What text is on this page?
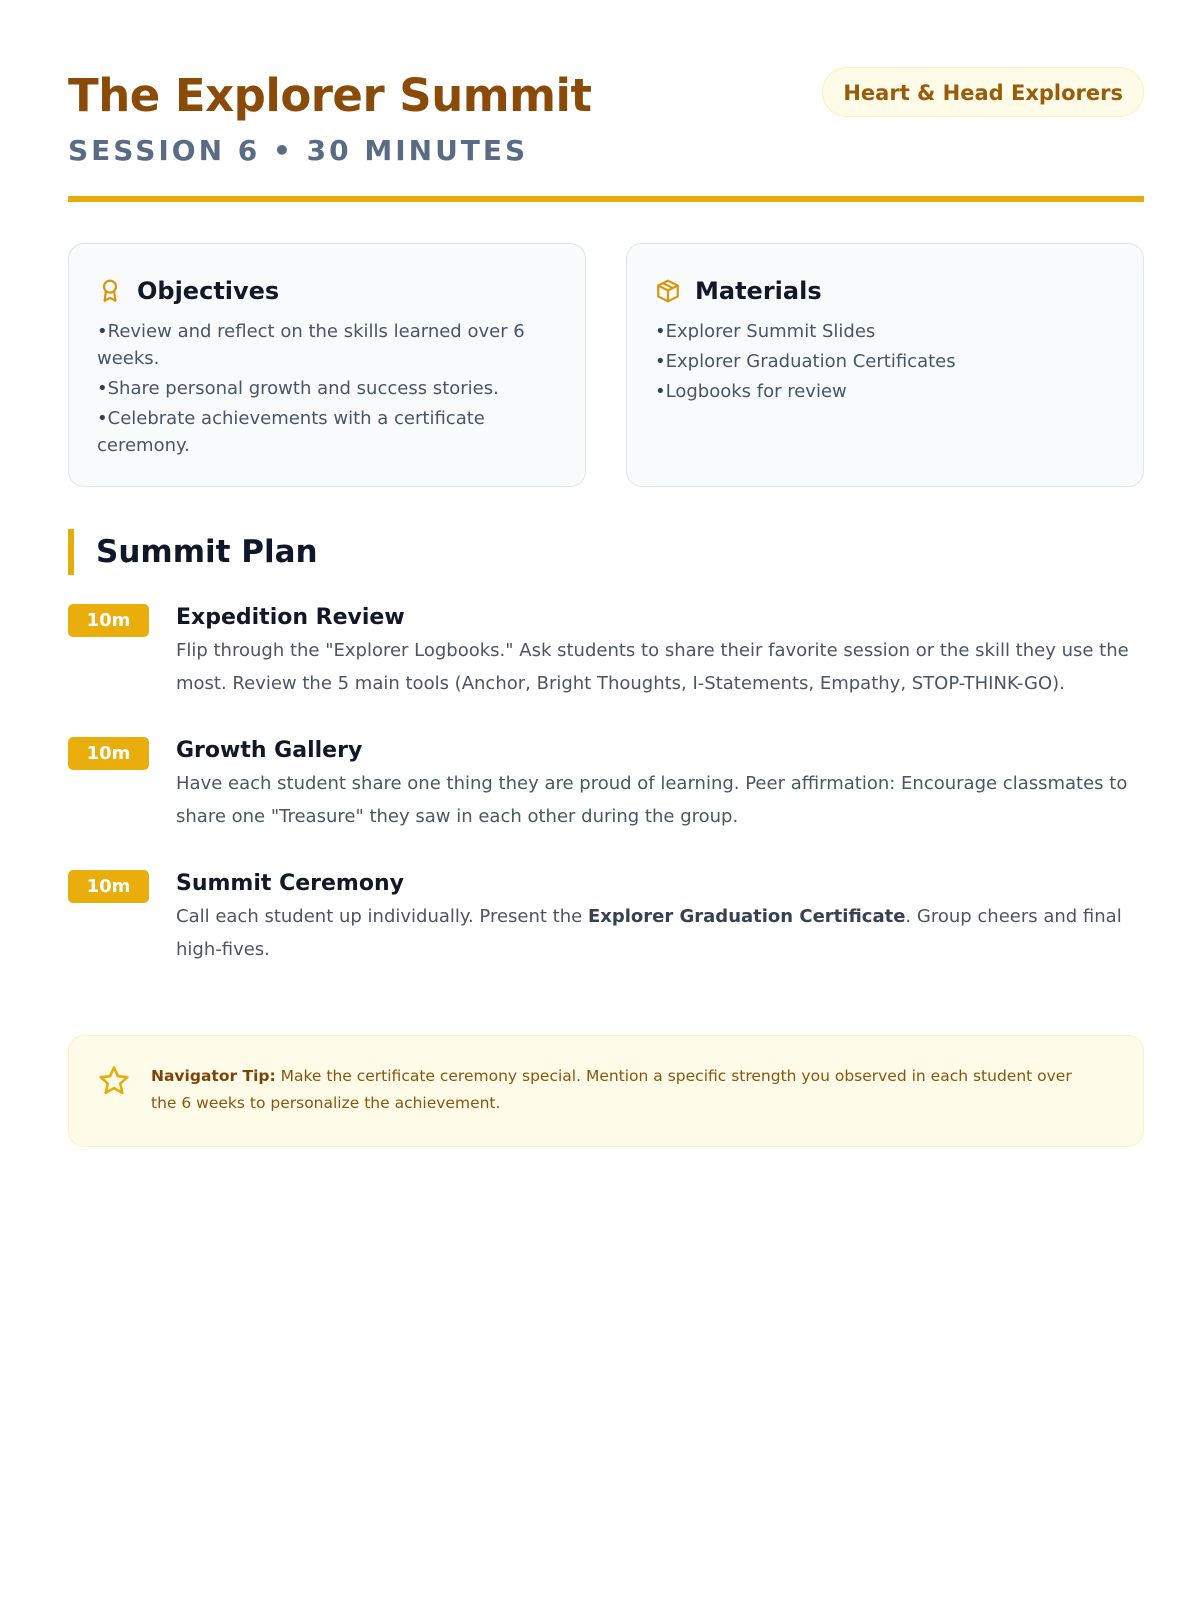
The Explorer Summit
SESSION 6 • 30 MINUTES
Heart & Head Explorers
Objectives
• Review and reflect on the skills learned over 6 weeks.
• Share personal growth and success stories.
• Celebrate achievements with a certificate ceremony.
Materials
• Explorer Summit Slides
• Explorer Graduation Certificates
• Logbooks for review
Summit Plan
10m	Expedition Review
Flip through the "Explorer Logbooks." Ask students to share their favorite session or the skill they use the most. Review the 5 main tools (Anchor, Bright Thoughts, I-Statements, Empathy, STOP-THINK-GO).
10m	Growth Gallery
Have each student share one thing they are proud of learning. Peer affirmation: Encourage classmates to share one "Treasure" they saw in each other during the group.
10m	Summit Ceremony
Call each student up individually. Present the Explorer Graduation Certificate. Group cheers and final high-fives.
Navigator Tip: Make the certificate ceremony special. Mention a specific strength you observed in each student over the 6 weeks to personalize the achievement.
